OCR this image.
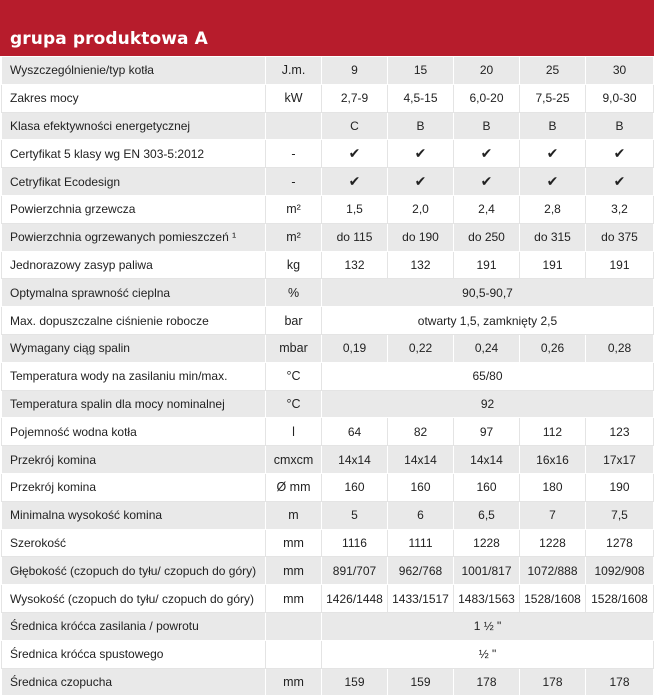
grupa produktowa A
Wyszczególnienie/typ kotła	J.m.	9	15	20	25	30
Zakres mocy	kW	2,7-9	4,5-15	6,0-20	7,5-25	9,0-30
Klasa efektywności energetycznej		C	B	B	B	B
Certyfikat 5 klasy wg EN 303-5:2012	-	✔	✔	✔	✔	✔
Cetryfikat Ecodesign	-	✔	✔	✔	✔	✔
Powierzchnia grzewcza	m²	1,5	2,0	2,4	2,8	3,2
Powierzchnia ogrzewanych pomieszczeń ¹	m²	do 115	do 190	do 250	do 315	do 375
Jednorazowy zasyp paliwa	kg	132	132	191	191	191
Optymalna sprawność cieplna	%	90,5-90,7				
Max. dopuszczalne ciśnienie robocze	bar	otwarty 1,5, zamknięty 2,5				
Wymagany ciąg spalin	mbar	0,19	0,22	0,24	0,26	0,28
Temperatura wody na zasilaniu min/max.	°C	65/80				
Temperatura spalin dla mocy nominalnej	°C	92				
Pojemność wodna kotła	l	64	82	97	112	123
Przekrój komina	cmxcm	14x14	14x14	14x14	16x16	17x17
Przekrój komina	Ø mm	160	160	160	180	190
Minimalna wysokość komina	m	5	6	6,5	7	7,5
Szerokość	mm	1116	1111	1228	1228	1278
Głębokość (czopuch do tyłu/ czopuch do góry)	mm	891/707	962/768	1001/817	1072/888	1092/908
Wysokość (czopuch do tyłu/ czopuch do góry)	mm	1426/1448	1433/1517	1483/1563	1528/1608	1528/1608
Średnica króćca zasilania / powrotu		1 ½ "				
Średnica króćca spustowego		½ "				
Średnica czopucha	mm	159	159	178	178	178
